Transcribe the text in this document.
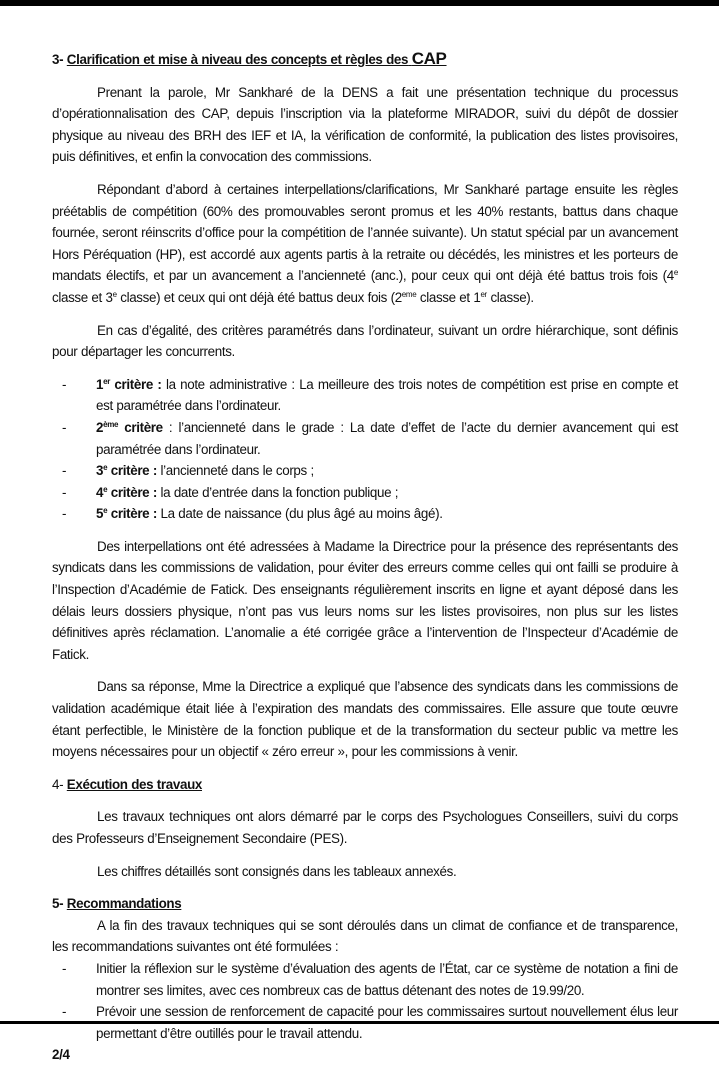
3- Clarification et mise à niveau des concepts et règles des CAP

Prenant la parole, Mr Sankharé de la DENS a fait une présentation technique du processus d’opérationnalisation des CAP, depuis l’inscription via la plateforme MIRADOR, suivi du dépôt de dossier physique au niveau des BRH des IEF et IA, la vérification de conformité, la publication des listes provisoires, puis définitives, et enfin la convocation des commissions.

Répondant d’abord à certaines interpellations/clarifications, Mr Sankharé partage ensuite les règles préétablis de compétition (60% des promouvables seront promus et les 40% restants, battus dans chaque fournée, seront réinscrits d’office pour la compétition de l’année suivante). Un statut spécial par un avancement Hors Péréquation (HP), est accordé aux agents partis à la retraite ou décédés, les ministres et les porteurs de mandats électifs, et par un avancement a l’ancienneté (anc.), pour ceux qui ont déjà été battus trois fois (4e classe et 3e classe) et ceux qui ont déjà été battus deux fois (2eme classe et 1er classe).

En cas d’égalité, des critères paramétrés dans l’ordinateur, suivant un ordre hiérarchique, sont définis pour départager les concurrents.

- 1er critère : la note administrative : La meilleure des trois notes de compétition est prise en compte et est paramétrée dans l’ordinateur.
- 2ème critère : l’ancienneté dans le grade : La date d’effet de l’acte du dernier avancement qui est paramétrée dans l’ordinateur.
- 3e critère : l’ancienneté dans le corps ;
- 4e critère : la date d’entrée dans la fonction publique ;
- 5e critère : La date de naissance (du plus âgé au moins âgé).

Des interpellations ont été adressées à Madame la Directrice pour la présence des représentants des syndicats dans les commissions de validation, pour éviter des erreurs comme celles qui ont failli se produire à l’Inspection d’Académie de Fatick. Des enseignants régulièrement inscrits en ligne et ayant déposé dans les délais leurs dossiers physique, n’ont pas vus leurs noms sur les listes provisoires, non plus sur les listes définitives après réclamation. L’anomalie a été corrigée grâce a l’intervention de l’Inspecteur d’Académie de Fatick.

Dans sa réponse, Mme la Directrice a expliqué que l’absence des syndicats dans les commissions de validation académique était liée à l’expiration des mandats des commissaires. Elle assure que toute œuvre étant perfectible, le Ministère de la fonction publique et de la transformation du secteur public va mettre les moyens nécessaires pour un objectif « zéro erreur », pour les commissions à venir.

4- Exécution des travaux

Les travaux techniques ont alors démarré par le corps des Psychologues Conseillers, suivi du corps des Professeurs d’Enseignement Secondaire (PES).

Les chiffres détaillés sont consignés dans les tableaux annexés.

5- Recommandations

A la fin des travaux techniques qui se sont déroulés dans un climat de confiance et de transparence, les recommandations suivantes ont été formulées :

- Initier la réflexion sur le système d’évaluation des agents de l’État, car ce système de notation a fini de montrer ses limites, avec ces nombreux cas de battus détenant des notes de 19.99/20.
- Prévoir une session de renforcement de capacité pour les commissaires surtout nouvellement élus leur permettant d’être outillés pour le travail attendu.

2/4
